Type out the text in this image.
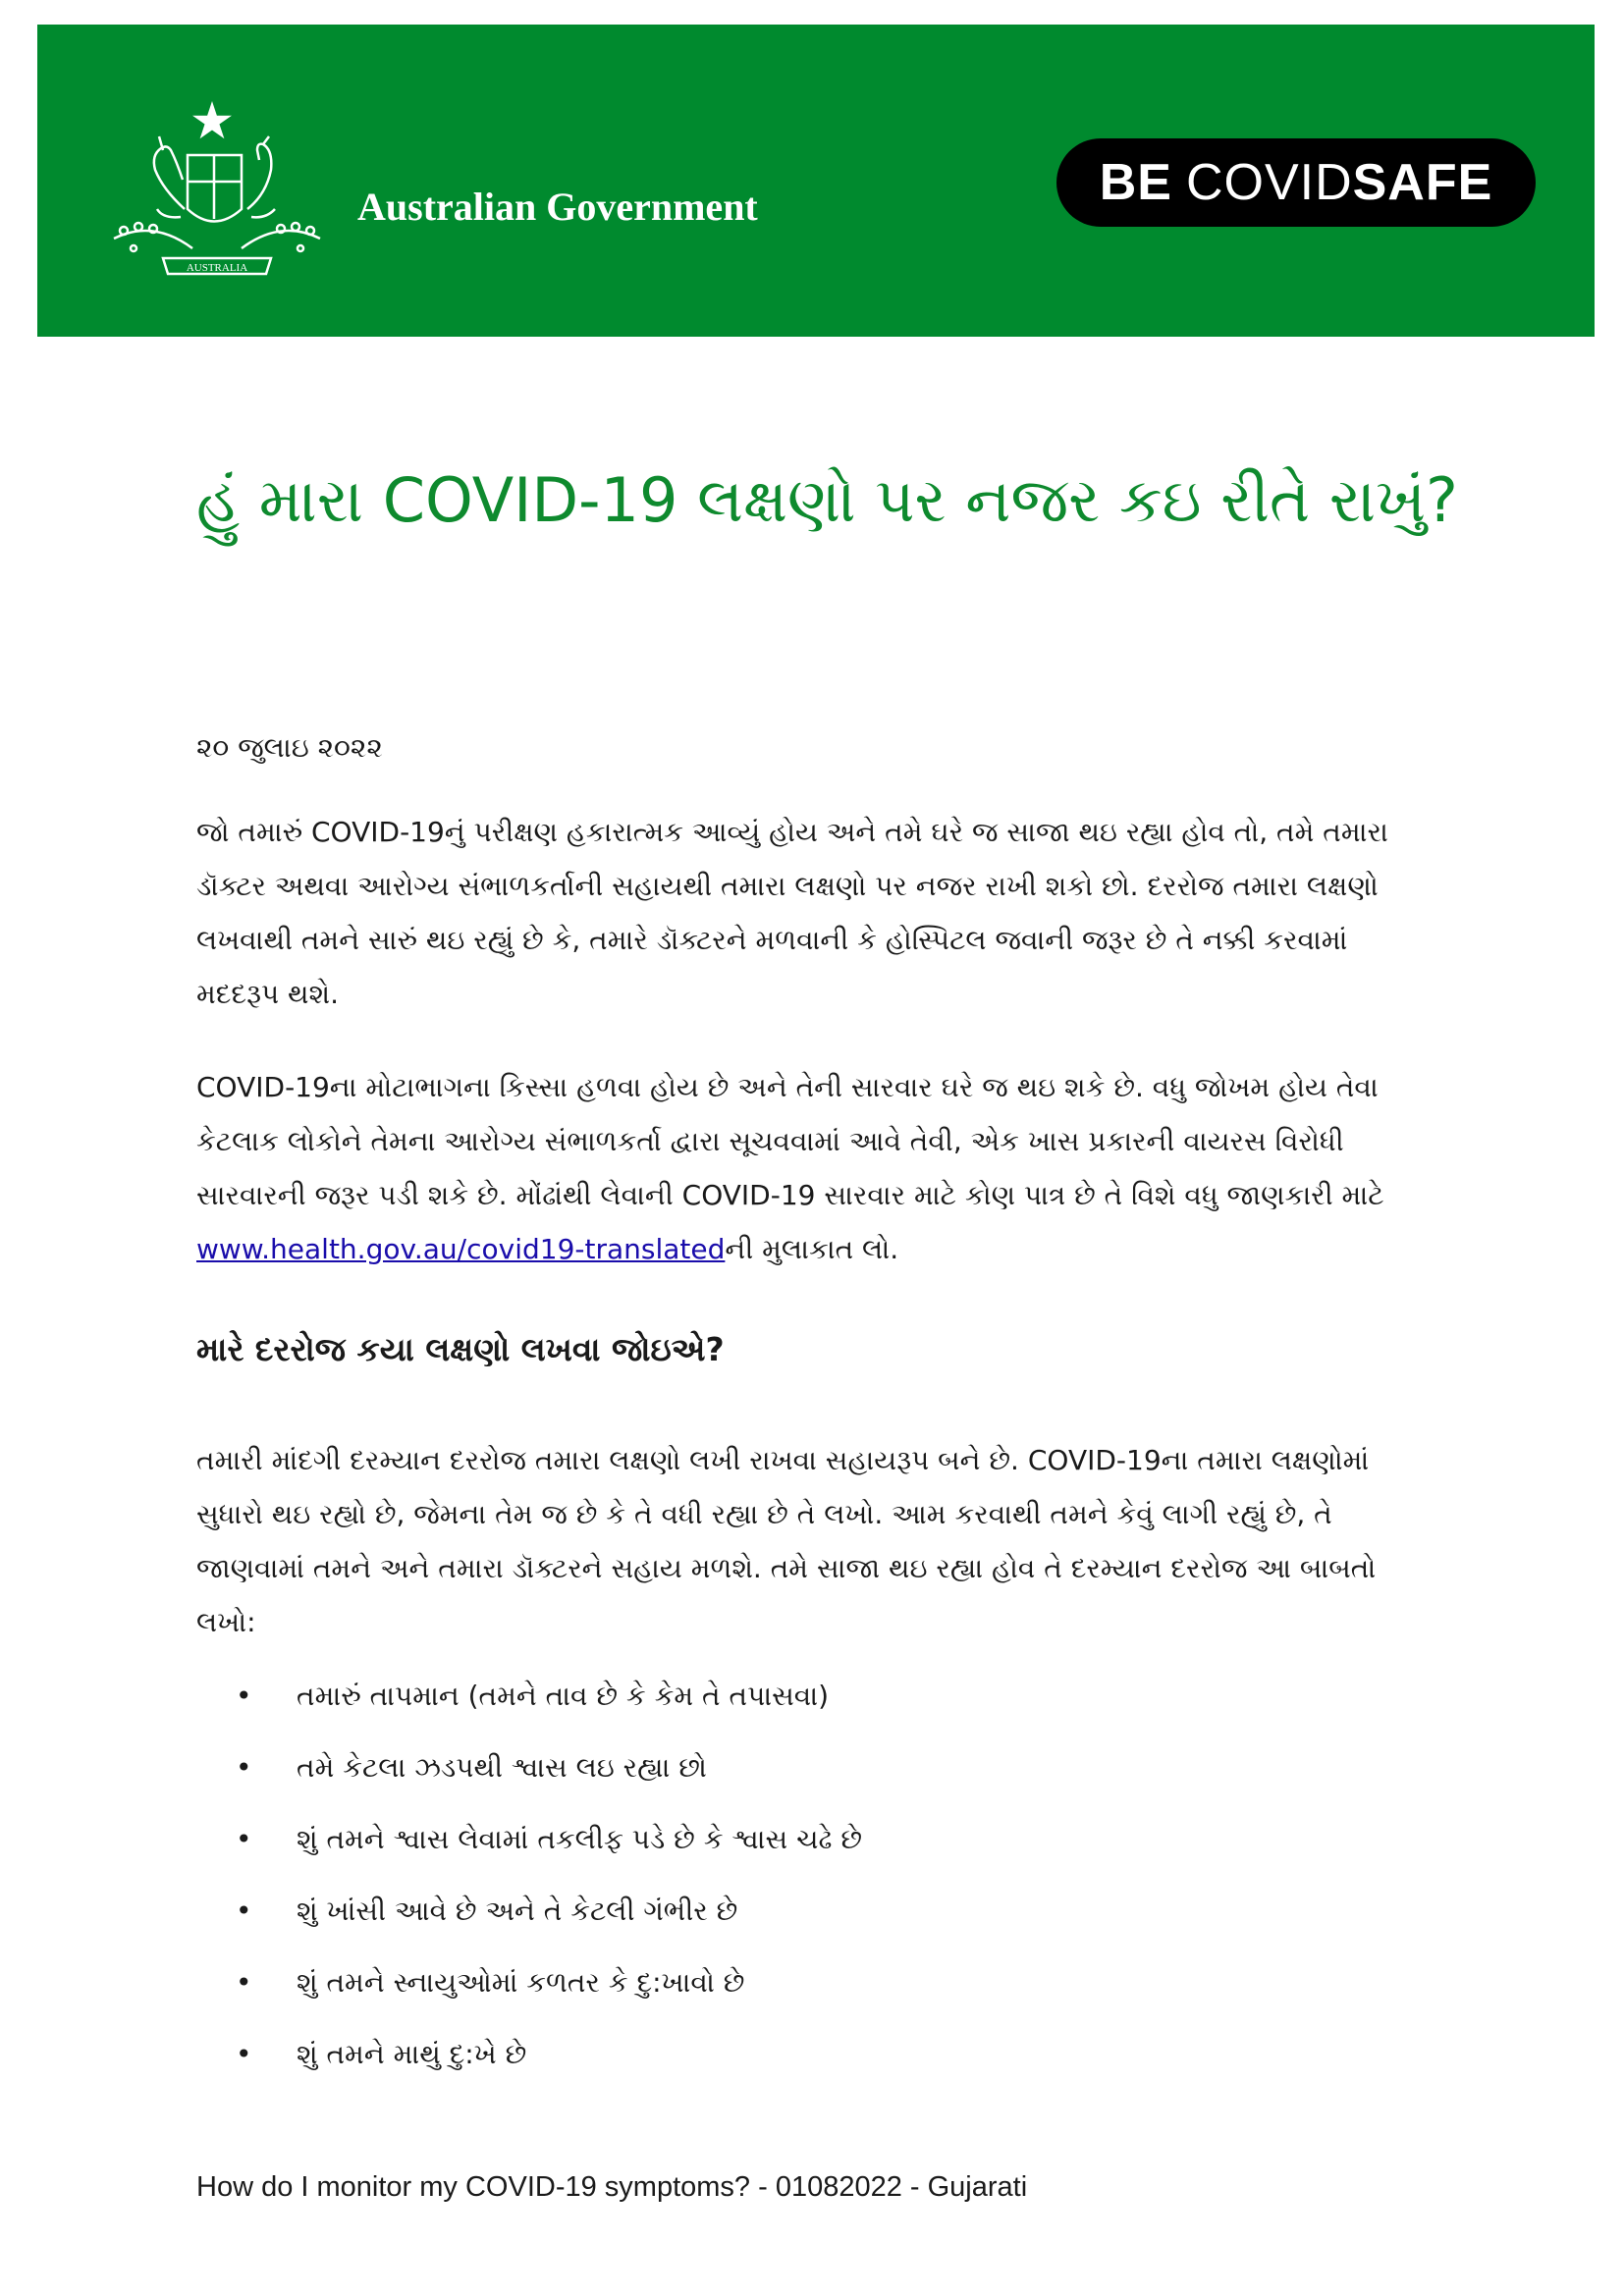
AUSTRALIA
Australian Government	BE COVID SAFE
હું મારા COVID-19 લક્ષણો પર નજર કઇ રીતે રાખું?

૨૦ જુલાઇ ૨૦૨૨

જો તમારું COVID-19નું પરીક્ષણ હકારાત્મક આવ્યું હોય અને તમે ઘરે જ સાજા થઇ રહ્યા હોવ તો, તમે તમારા ડૉક્ટર અથવા આરોગ્ય સંભાળકર્તાની સહાયથી તમારા લક્ષણો પર નજર રાખી શકો છો. દરરોજ તમારા લક્ષણો લખવાથી તમને સારું થઇ રહ્યું છે કે, તમારે ડૉક્ટરને મળવાની કે હોસ્પિટલ જવાની જરૂર છે તે નક્કી કરવામાં મદદરૂપ થશે.

COVID-19ના મોટાભાગના કિસ્સા હળવા હોય છે અને તેની સારવાર ઘરે જ થઇ શકે છે. વધુ જોખમ હોય તેવા કેટલાક લોકોને તેમના આરોગ્ય સંભાળકર્તા દ્વારા સૂચવવામાં આવે તેવી, એક ખાસ પ્રકારની વાયરસ વિરોધી સારવારની જરૂર પડી શકે છે. મોંઢાંથી લેવાની COVID-19 સારવાર માટે કોણ પાત્ર છે તે વિશે વધુ જાણકારી માટે www.health.gov.au/covid19-translatedની મુલાકાત લો.

મારે દરરોજ કયા લક્ષણો લખવા જોઇએ?

તમારી માંદગી દરમ્યાન દરરોજ તમારા લક્ષણો લખી રાખવા સહાયરૂપ બને છે. COVID-19ના તમારા લક્ષણોમાં સુધારો થઇ રહ્યો છે, જેમના તેમ જ છે કે તે વધી રહ્યા છે તે લખો. આમ કરવાથી તમને કેવું લાગી રહ્યું છે, તે જાણવામાં તમને અને તમારા ડૉક્ટરને સહાય મળશે. તમે સાજા થઇ રહ્યા હોવ તે દરમ્યાન દરરોજ આ બાબતો લખો:

•	તમારું તાપમાન (તમને તાવ છે કે કેમ તે તપાસવા)
•	તમે કેટલા ઝડપથી શ્વાસ લઇ રહ્યા છો
•	શું તમને શ્વાસ લેવામાં તકલીફ પડે છે કે શ્વાસ ચઢે છે
•	શું ખાંસી આવે છે અને તે કેટલી ગંભીર છે
•	શું તમને સ્નાયુઓમાં કળતર કે દુ:ખાવો છે
•	શું તમને માથું દુ:ખે છે
How do I monitor my COVID-19 symptoms? - 01082022 - Gujarati
